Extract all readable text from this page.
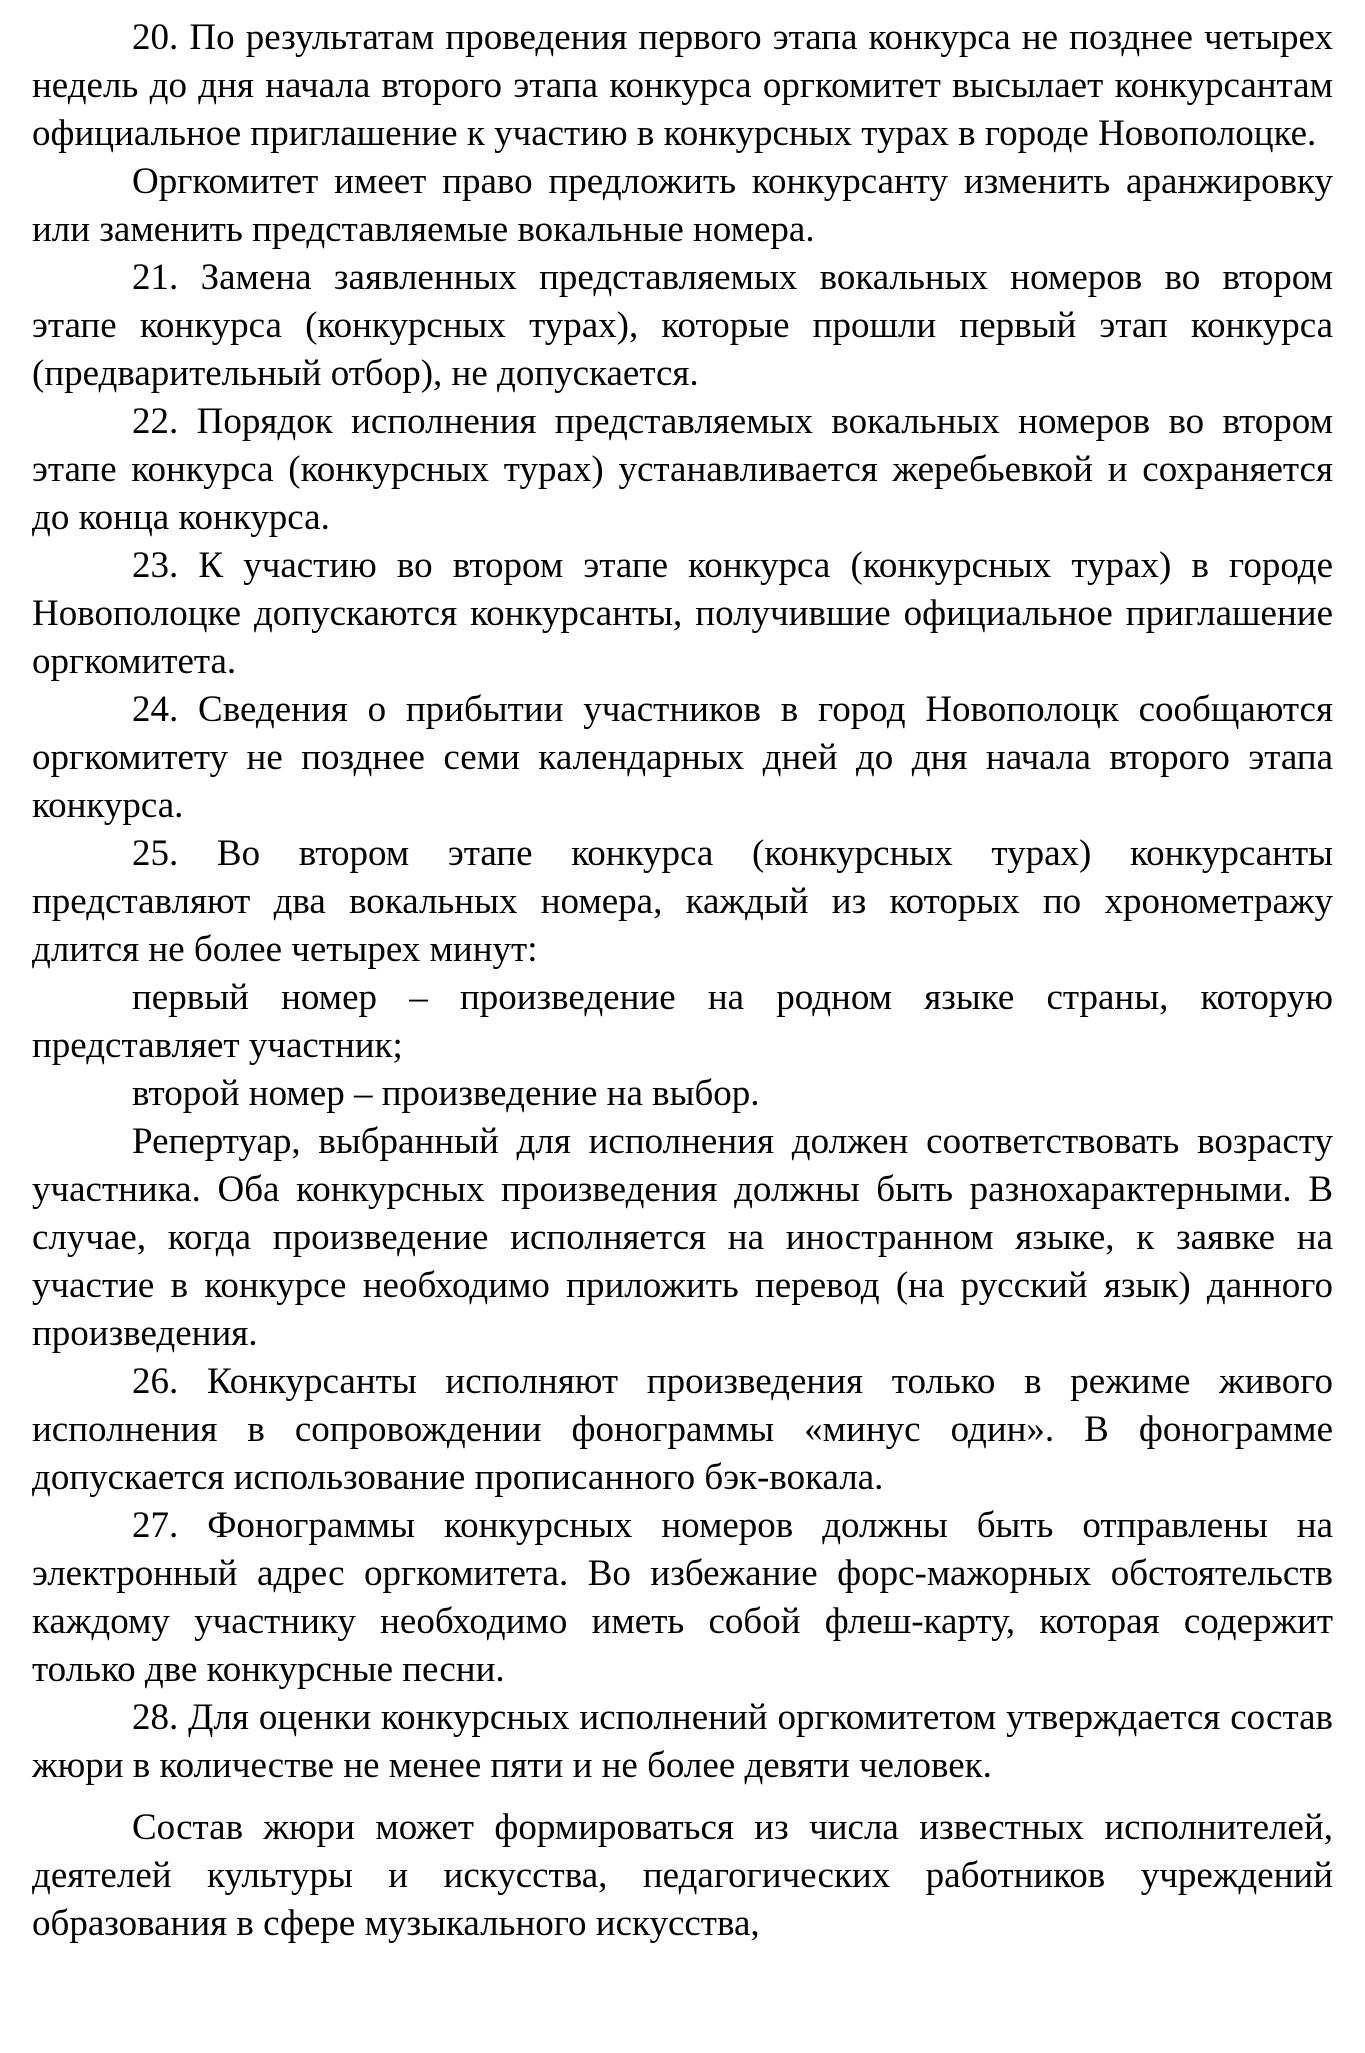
20. По результатам проведения первого этапа конкурса не позднее четырех недель до дня начала второго этапа конкурса оргкомитет высылает конкурсантам официальное приглашение к участию в конкурсных турах в городе Новополоцке.

Оргкомитет имеет право предложить конкурсанту изменить аранжировку или заменить представляемые вокальные номера.

21. Замена заявленных представляемых вокальных номеров во втором этапе конкурса (конкурсных турах), которые прошли первый этап конкурса (предварительный отбор), не допускается.

22. Порядок исполнения представляемых вокальных номеров во втором этапе конкурса (конкурсных турах) устанавливается жеребьевкой и сохраняется до конца конкурса.

23. К участию во втором этапе конкурса (конкурсных турах) в городе Новополоцке допускаются конкурсанты, получившие официальное приглашение оргкомитета.

24. Сведения о прибытии участников в город Новополоцк сообщаются оргкомитету не позднее семи календарных дней до дня начала второго этапа конкурса.

25. Во втором этапе конкурса (конкурсных турах) конкурсанты представляют два вокальных номера, каждый из которых по хронометражу длится не более четырех минут:

первый номер – произведение на родном языке страны, которую представляет участник;

второй номер – произведение на выбор.

Репертуар, выбранный для исполнения должен соответствовать возрасту участника. Оба конкурсных произведения должны быть разнохарактерными. В случае, когда произведение исполняется на иностранном языке, к заявке на участие в конкурсе необходимо приложить перевод (на русский язык) данного произведения.

26. Конкурсанты исполняют произведения только в режиме живого исполнения в сопровождении фонограммы «минус один». В фонограмме допускается использование прописанного бэк-вокала.

27. Фонограммы конкурсных номеров должны быть отправлены на электронный адрес оргкомитета. Во избежание форс-мажорных обстоятельств каждому участнику необходимо иметь собой флеш-карту, которая содержит только две конкурсные песни.

28. Для оценки конкурсных исполнений оргкомитетом утверждается состав жюри в количестве не менее пяти и не более девяти человек.

Состав жюри может формироваться из числа известных исполнителей, деятелей культуры и искусства, педагогических работников учреждений образования в сфере музыкального искусства,
